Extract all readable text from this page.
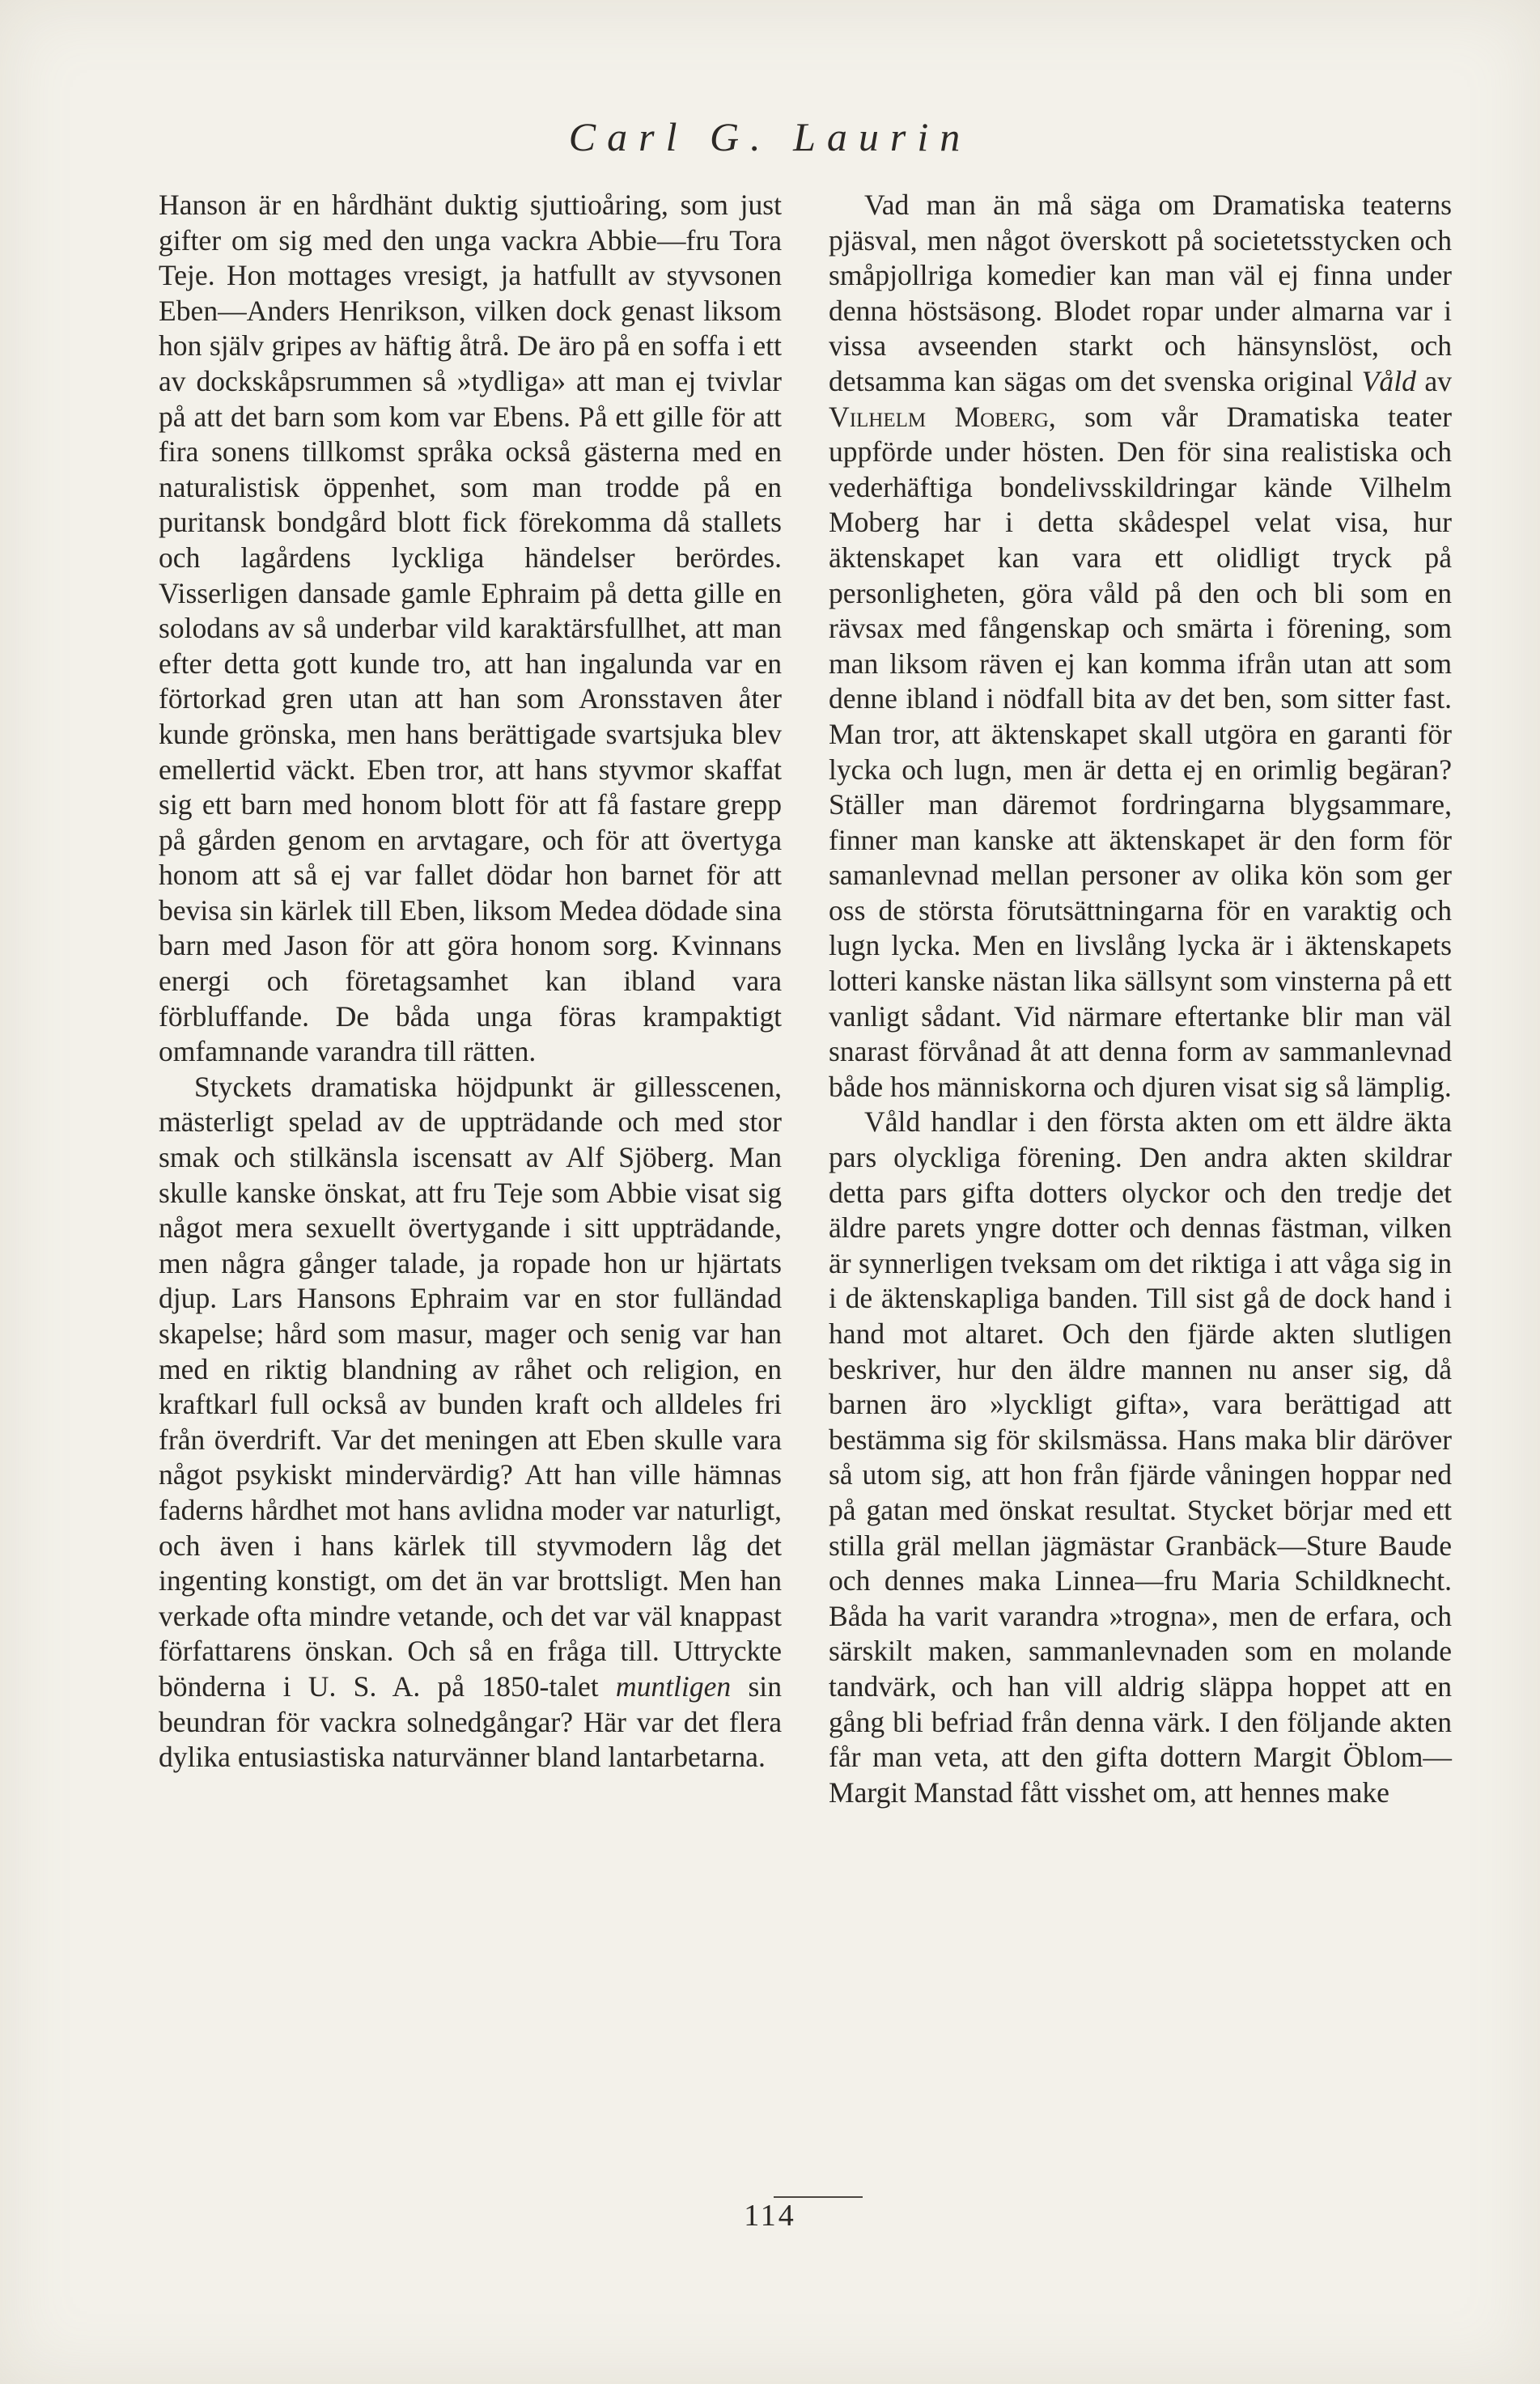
Carl G. Laurin

Hanson är en hårdhänt duktig sjuttioåring, som just gifter om sig med den unga vackra Abbie—fru Tora Teje. Hon mottages vresigt, ja hatfullt av styvsonen Eben—Anders Henrikson, vilken dock genast liksom hon själv gripes av häftig åtrå. De äro på en soffa i ett av dockskåpsrummen så »tydliga» att man ej tvivlar på att det barn som kom var Ebens. På ett gille för att fira sonens tillkomst språka också gästerna med en naturalistisk öppenhet, som man trodde på en puritansk bondgård blott fick förekomma då stallets och lagårdens lyckliga händelser berördes. Visserligen dansade gamle Ephraim på detta gille en solodans av så underbar vild karaktärsfullhet, att man efter detta gott kunde tro, att han ingalunda var en förtorkad gren utan att han som Aronsstaven åter kunde grönska, men hans berättigade svartsjuka blev emellertid väckt. Eben tror, att hans styvmor skaffat sig ett barn med honom blott för att få fastare grepp på gården genom en arvtagare, och för att övertyga honom att så ej var fallet dödar hon barnet för att bevisa sin kärlek till Eben, liksom Medea dödade sina barn med Jason för att göra honom sorg. Kvinnans energi och företagsamhet kan ibland vara förbluffande. De båda unga föras krampaktigt omfamnande varandra till rätten.

Styckets dramatiska höjdpunkt är gillesscenen, mästerligt spelad av de uppträdande och med stor smak och stilkänsla iscensatt av Alf Sjöberg. Man skulle kanske önskat, att fru Teje som Abbie visat sig något mera sexuellt övertygande i sitt uppträdande, men några gånger talade, ja ropade hon ur hjärtats djup. Lars Hansons Ephraim var en stor fulländad skapelse; hård som masur, mager och senig var han med en riktig blandning av råhet och religion, en kraftkarl full också av bunden kraft och alldeles fri från överdrift. Var det meningen att Eben skulle vara något psykiskt mindervärdig? Att han ville hämnas faderns hårdhet mot hans avlidna moder var naturligt, och även i hans kärlek till styvmodern låg det ingenting konstigt, om det än var brottsligt. Men han verkade ofta mindre vetande, och det var väl knappast författarens önskan. Och så en fråga till. Uttryckte bönderna i U. S. A. på 1850-talet muntligen sin beundran för vackra solnedgångar? Här var det flera dylika entusiastiska naturvänner bland lantarbetarna.

Vad man än må säga om Dramatiska teaterns pjäsval, men något överskott på societetsstycken och småpjollriga komedier kan man väl ej finna under denna höstsäsong. Blodet ropar under almarna var i vissa avseenden starkt och hänsynslöst, och detsamma kan sägas om det svenska original Våld av Vilhelm Moberg, som vår Dramatiska teater uppförde under hösten. Den för sina realistiska och vederhäftiga bondelivsskildringar kände Vilhelm Moberg har i detta skådespel velat visa, hur äktenskapet kan vara ett olidligt tryck på personligheten, göra våld på den och bli som en rävsax med fångenskap och smärta i förening, som man liksom räven ej kan komma ifrån utan att som denne ibland i nödfall bita av det ben, som sitter fast. Man tror, att äktenskapet skall utgöra en garanti för lycka och lugn, men är detta ej en orimlig begäran? Ställer man däremot fordringarna blygsammare, finner man kanske att äktenskapet är den form för samanlevnad mellan personer av olika kön som ger oss de största förutsättningarna för en varaktig och lugn lycka. Men en livslång lycka är i äktenskapets lotteri kanske nästan lika sällsynt som vinsterna på ett vanligt sådant. Vid närmare eftertanke blir man väl snarast förvånad åt att denna form av sammanlevnad både hos människorna och djuren visat sig så lämplig.

Våld handlar i den första akten om ett äldre äkta pars olyckliga förening. Den andra akten skildrar detta pars gifta dotters olyckor och den tredje det äldre parets yngre dotter och dennas fästman, vilken är synnerligen tveksam om det riktiga i att våga sig in i de äktenskapliga banden. Till sist gå de dock hand i hand mot altaret. Och den fjärde akten slutligen beskriver, hur den äldre mannen nu anser sig, då barnen äro »lyckligt gifta», vara berättigad att bestämma sig för skilsmässa. Hans maka blir däröver så utom sig, att hon från fjärde våningen hoppar ned på gatan med önskat resultat. Stycket börjar med ett stilla gräl mellan jägmästar Granbäck—Sture Baude och dennes maka Linnea—fru Maria Schildknecht. Båda ha varit varandra »trogna», men de erfara, och särskilt maken, sammanlevnaden som en molande tandvärk, och han vill aldrig släppa hoppet att en gång bli befriad från denna värk. I den följande akten får man veta, att den gifta dottern Margit Öblom—Margit Manstad fått visshet om, att hennes make

114
